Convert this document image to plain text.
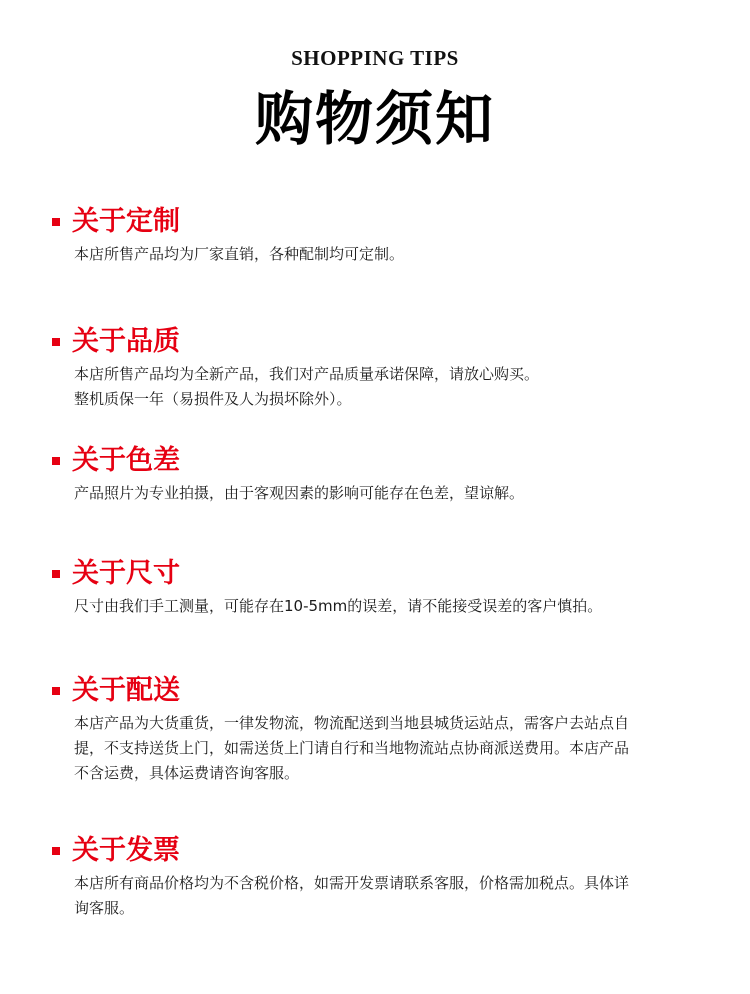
SHOPPING TIPS
购物须知
关于定制
本店所售产品均为厂家直销，各种配制均可定制。
关于品质
本店所售产品均为全新产品，我们对产品质量承诺保障，请放心购买。
整机质保一年（易损件及人为损坏除外）。
关于色差
产品照片为专业拍摄，由于客观因素的影响可能存在色差，望谅解。
关于尺寸
尺寸由我们手工测量，可能存在10-5mm的误差，请不能接受误差的客户慎拍。
关于配送
本店产品为大货重货，一律发物流，物流配送到当地县城货运站点，需客户去站点自
提，不支持送货上门，如需送货上门请自行和当地物流站点协商派送费用。本店产品
不含运费，具体运费请咨询客服。
关于发票
本店所有商品价格均为不含税价格，如需开发票请联系客服，价格需加税点。具体详
询客服。
